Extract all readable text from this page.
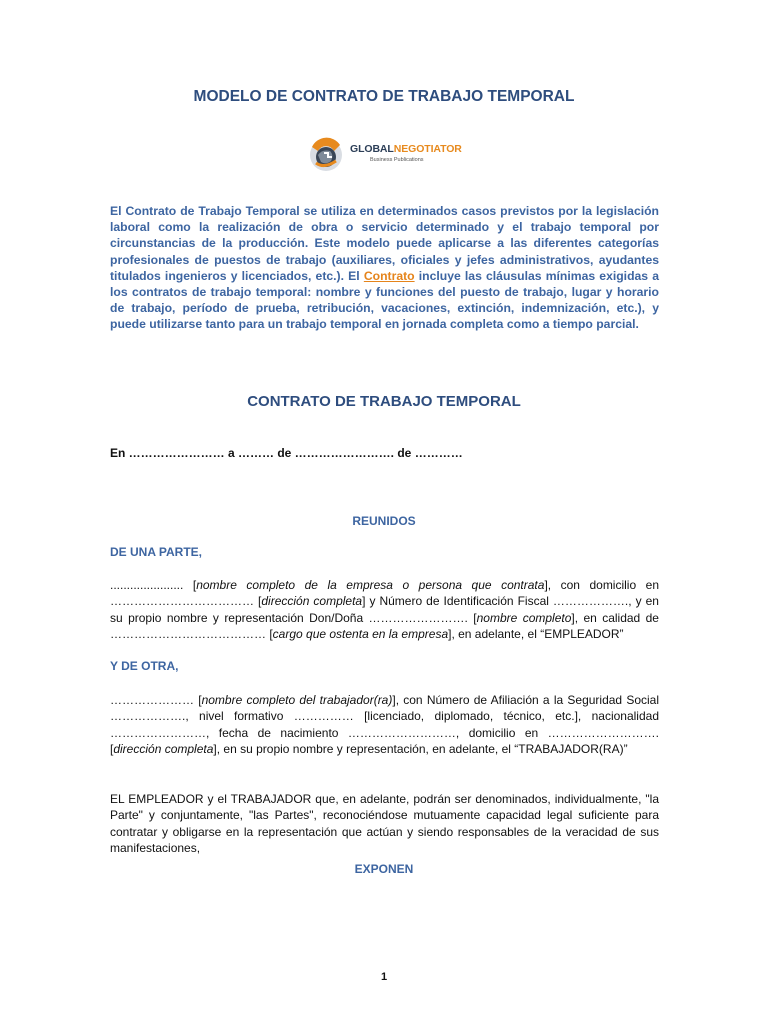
MODELO DE CONTRATO DE TRABAJO TEMPORAL
GLOBALNEGOTIATOR
Business Publications
El Contrato de Trabajo Temporal se utiliza en determinados casos previstos por la legislación laboral como la realización de obra o servicio determinado y el trabajo temporal por circunstancias de la producción. Este modelo puede aplicarse a las diferentes categorías profesionales de puestos de trabajo (auxiliares, oficiales y jefes administrativos, ayudantes titulados ingenieros y licenciados, etc.). El Contrato incluye las cláusulas mínimas exigidas a los contratos de trabajo temporal: nombre y funciones del puesto de trabajo, lugar y horario de trabajo, período de prueba, retribución, vacaciones, extinción, indemnización, etc.), y puede utilizarse tanto para un trabajo temporal en jornada completa como a tiempo parcial.
CONTRATO DE TRABAJO TEMPORAL
En …………………… a ……… de ……………………. de …………
REUNIDOS
DE UNA PARTE,
...................... [nombre completo de la empresa o persona que contrata], con domicilio en ……………………………… [dirección completa] y Número de Identificación Fiscal ………………., y en su propio nombre y representación Don/Doña ……………………. [nombre completo], en calidad de ………………………………… [cargo que ostenta en la empresa], en adelante, el “EMPLEADOR”
Y DE OTRA,
………………… [nombre completo del trabajador(ra)], con Número de Afiliación a la Seguridad Social ………………., nivel formativo …………… [licenciado, diplomado, técnico, etc.], nacionalidad ……………………, fecha de nacimiento ………………………, domicilio en ………………………. [dirección completa], en su propio nombre y representación, en adelante, el “TRABAJADOR(RA)”
EL EMPLEADOR y el TRABAJADOR que, en adelante, podrán ser denominados, individualmente, "la Parte" y conjuntamente, "las Partes", reconociéndose mutuamente capacidad legal suficiente para contratar y obligarse en la representación que actúan y siendo responsables de la veracidad de sus manifestaciones,
EXPONEN
1
